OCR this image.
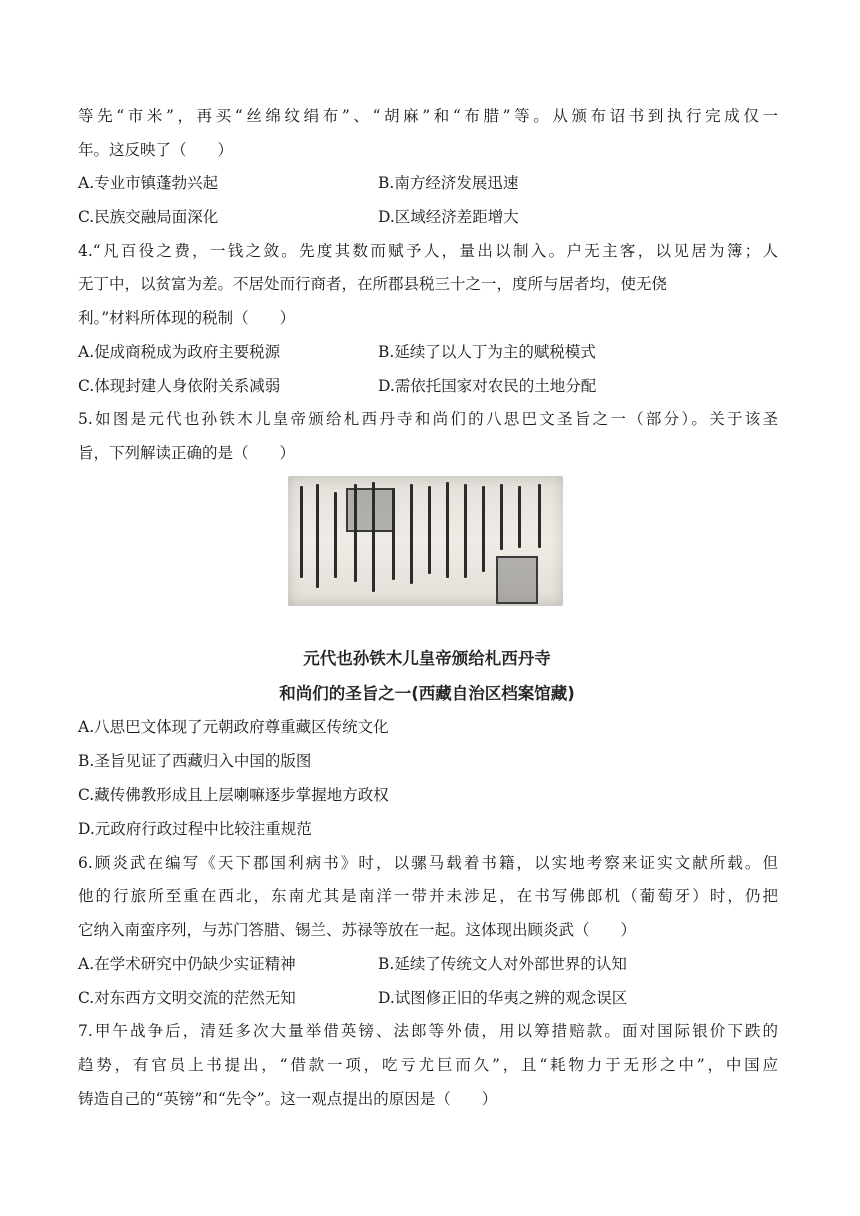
等先“市米”，再买“丝绵纹绢布”、“胡麻”和“布腊”等。从颁布诏书到执行完成仅一
年。这反映了（　　）
A.专业市镇蓬勃兴起	B.南方经济发展迅速
C.民族交融局面深化	D.区域经济差距增大
4.“凡百役之费，一钱之敛。先度其数而赋予人，量出以制入。户无主客，以见居为簿；人
无丁中，以贫富为差。不居处而行商者，在所郡县税三十之一，度所与居者均，使无侥
利。”材料所体现的税制（　　）
A.促成商税成为政府主要税源	B.延续了以人丁为主的赋税模式
C.体现封建人身依附关系减弱	D.需依托国家对农民的土地分配
5.如图是元代也孙铁木儿皇帝颁给札西丹寺和尚们的八思巴文圣旨之一（部分）。关于该圣
旨，下列解读正确的是（　　）
元代也孙铁木儿皇帝颁给札西丹寺
和尚们的圣旨之一(西藏自治区档案馆藏)
A.八思巴文体现了元朝政府尊重藏区传统文化
B.圣旨见证了西藏归入中国的版图
C.藏传佛教形成且上层喇嘛逐步掌握地方政权
D.元政府行政过程中比较注重规范
6.顾炎武在编写《天下郡国利病书》时，以骡马载着书籍，以实地考察来证实文献所载。但
他的行旅所至重在西北，东南尤其是南洋一带并未涉足，在书写佛郎机（葡萄牙）时，仍把
它纳入南蛮序列，与苏门答腊、锡兰、苏禄等放在一起。这体现出顾炎武（　　）
A.在学术研究中仍缺少实证精神	B.延续了传统文人对外部世界的认知
C.对东西方文明交流的茫然无知	D.试图修正旧的华夷之辨的观念误区
7.甲午战争后，清廷多次大量举借英镑、法郎等外债，用以筹措赔款。面对国际银价下跌的
趋势，有官员上书提出，“借款一项，吃亏尤巨而久”，且“耗物力于无形之中”，中国应
铸造自己的“英镑”和“先令”。这一观点提出的原因是（　　）
